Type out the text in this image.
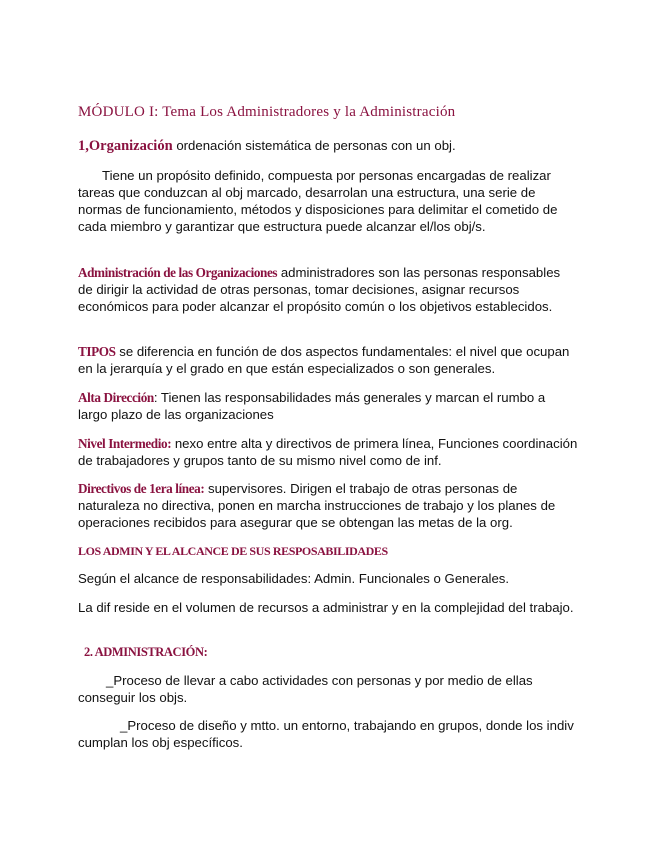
MÓDULO I: Tema Los Administradores y la Administración
1,Organización ordenación sistemática de personas con un obj.
Tiene un propósito definido, compuesta por personas encargadas de realizar tareas que conduzcan al obj marcado, desarrolan una estructura, una serie de normas de funcionamiento, métodos y disposiciones para delimitar el cometido de cada miembro y garantizar que estructura puede alcanzar el/los obj/s.
Administración de las Organizaciones administradores son las personas responsables de dirigir la actividad de otras personas, tomar decisiones, asignar recursos económicos para poder alcanzar el propósito común o los objetivos establecidos.
TIPOS se diferencia en función de dos aspectos fundamentales: el nivel que ocupan en la jerarquía y el grado en que están especializados o son generales.
Alta Dirección: Tienen las responsabilidades más generales y marcan el rumbo a largo plazo de las organizaciones
Nivel Intermedio: nexo entre alta y directivos de primera línea, Funciones coordinación de trabajadores y grupos tanto de su mismo nivel como de inf.
Directivos de 1era línea: supervisores. Dirigen el trabajo de otras personas de naturaleza no directiva, ponen en marcha instrucciones de trabajo y los planes de operaciones recibidos para asegurar que se obtengan las metas de la org.
LOS ADMIN Y EL ALCANCE DE SUS RESPOSABILIDADES
Según el alcance de responsabilidades: Admin. Funcionales o Generales.
La dif reside en el volumen de recursos a administrar y en la complejidad del trabajo.
2. ADMINISTRACIÓN:
_Proceso de llevar a cabo actividades con personas y por medio de ellas conseguir los objs.
_Proceso de diseño y mtto. un entorno, trabajando en grupos, donde los indiv cumplan los obj específicos.
